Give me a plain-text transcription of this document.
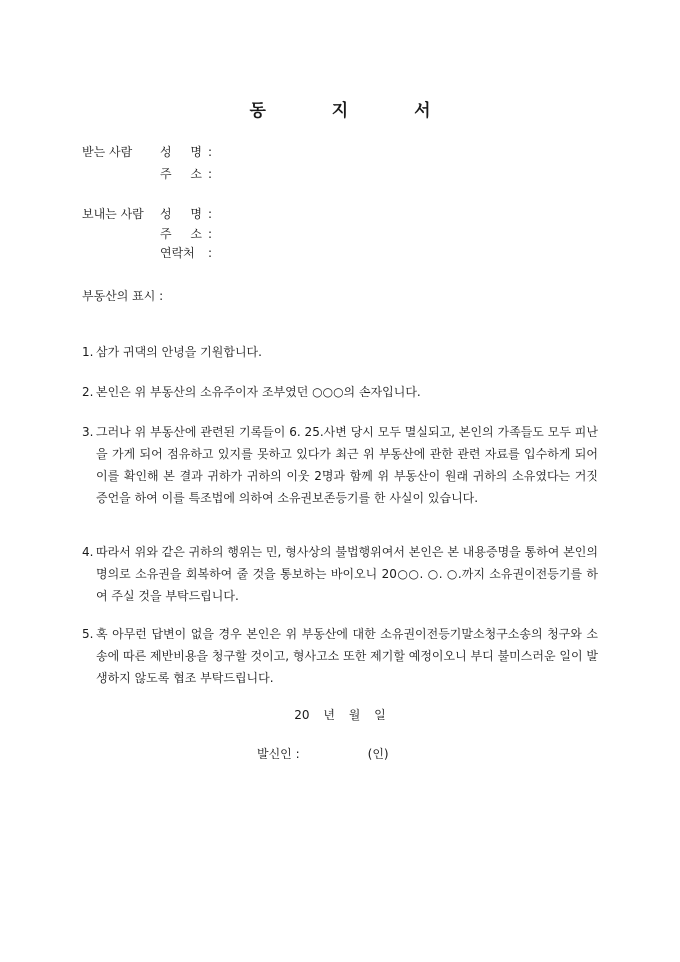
동 지 서
받는 사람 성 명 :
주 소 :
보내는 사람 성 명 :
주 소 :
연락처 :
부동산의 표시 :
1. 삼가 귀댁의 안녕을 기원합니다.
2. 본인은 위 부동산의 소유주이자 조부였던 ○○○의 손자입니다.
3. 그러나 위 부동산에 관련된 기록들이 6. 25.사변 당시 모두 멸실되고, 본인의 가족들도 모두 피난을 가게 되어 점유하고 있지를 못하고 있다가 최근 위 부동산에 관한 관련 자료를 입수하게 되어 이를 확인해 본 결과 귀하가 귀하의 이웃 2명과 함께 위 부동산이 원래 귀하의 소유였다는 거짓 증언을 하여 이를 특조법에 의하여 소유권보존등기를 한 사실이 있습니다.
4. 따라서 위와 같은 귀하의 행위는 민, 형사상의 불법행위여서 본인은 본 내용증명을 통하여 본인의 명의로 소유권을 회복하여 줄 것을 통보하는 바이오니 20○○. ○. ○.까지 소유권이전등기를 하여 주실 것을 부탁드립니다.
5. 혹 아무런 답변이 없을 경우 본인은 위 부동산에 대한 소유권이전등기말소청구소송의 청구와 소송에 따른 제반비용을 청구할 것이고, 형사고소 또한 제기할 예정이오니 부디 불미스러운 일이 발생하지 않도록 협조 부탁드립니다.
20 년 월 일
발신인 :	(인)
